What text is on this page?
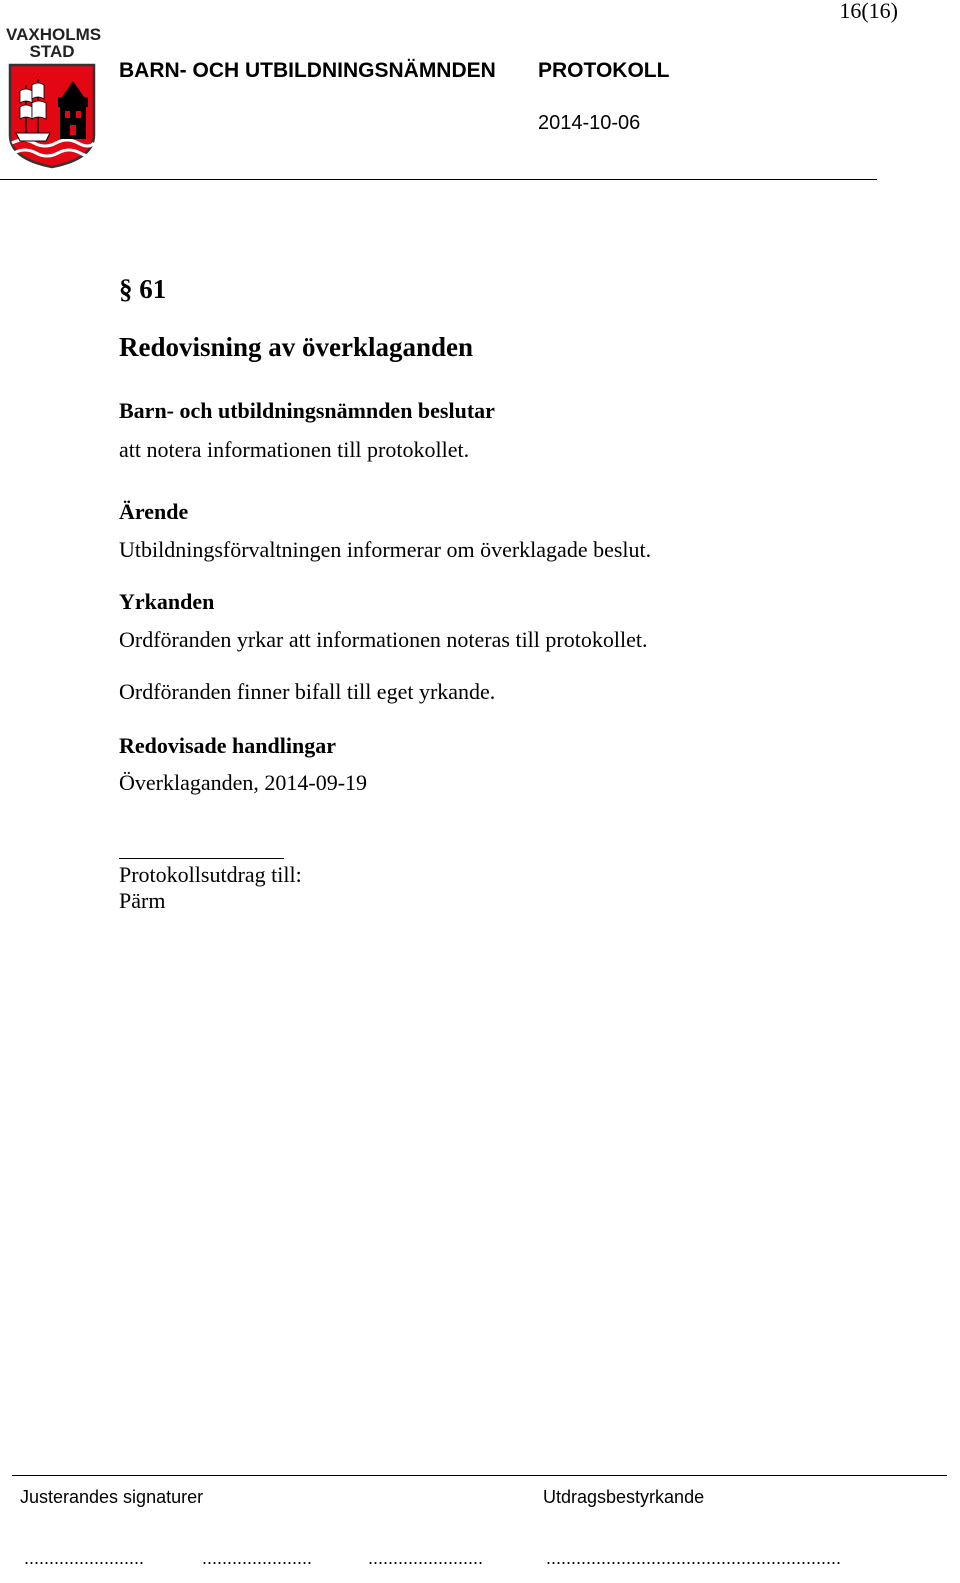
16(16)
VAXHOLMS
STAD
BARN- OCH UTBILDNINGSNÄMNDEN PROTOKOLL
2014-10-06
§ 61
Redovisning av överklaganden
Barn- och utbildningsnämnden beslutar
att notera informationen till protokollet.
Ärende
Utbildningsförvaltningen informerar om överklagade beslut.
Yrkanden
Ordföranden yrkar att informationen noteras till protokollet.
Ordföranden finner bifall till eget yrkande.
Redovisade handlingar
Överklaganden, 2014-09-19
Protokollsutdrag till:
Pärm
Justerandes signaturer	Utdragsbestyrkande
........................	......................	.......................	...........................................................
